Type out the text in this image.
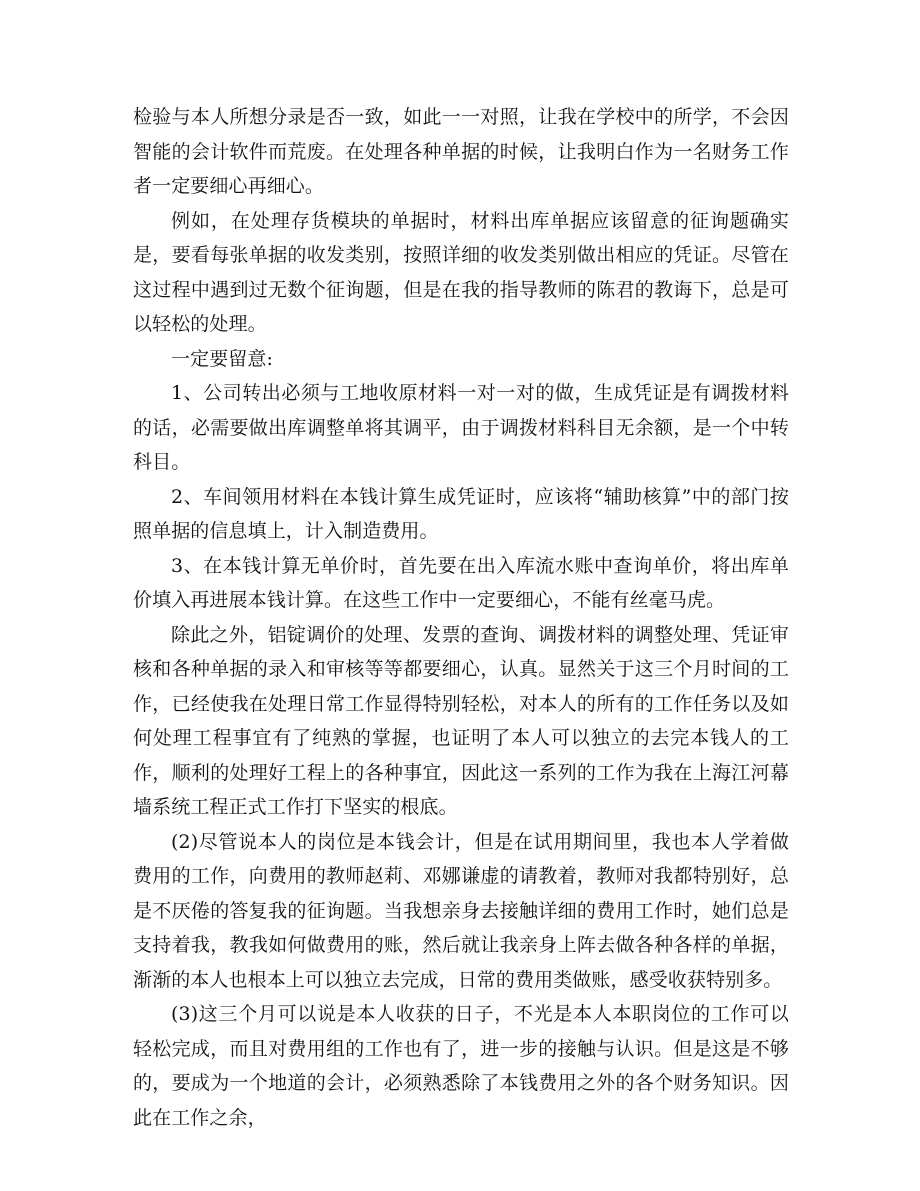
检验与本人所想分录是否一致，如此一一对照，让我在学校中的所学，不会因智能的会计软件而荒废。在处理各种单据的时候，让我明白作为一名财务工作者一定要细心再细心。

例如，在处理存货模块的单据时，材料出库单据应该留意的征询题确实是，要看每张单据的收发类别，按照详细的收发类别做出相应的凭证。尽管在这过程中遇到过无数个征询题，但是在我的指导教师的陈君的教诲下，总是可以轻松的处理。

一定要留意:

1、公司转出必须与工地收原材料一对一对的做，生成凭证是有调拨材料的话，必需要做出库调整单将其调平，由于调拨材料科目无余额，是一个中转科目。

2、车间领用材料在本钱计算生成凭证时，应该将“辅助核算”中的部门按照单据的信息填上，计入制造费用。

3、在本钱计算无单价时，首先要在出入库流水账中查询单价，将出库单价填入再进展本钱计算。在这些工作中一定要细心，不能有丝毫马虎。

除此之外，铝锭调价的处理、发票的查询、调拨材料的调整处理、凭证审核和各种单据的录入和审核等等都要细心，认真。显然关于这三个月时间的工作，已经使我在处理日常工作显得特别轻松，对本人的所有的工作任务以及如何处理工程事宜有了纯熟的掌握，也证明了本人可以独立的去完本钱人的工作，顺利的处理好工程上的各种事宜，因此这一系列的工作为我在上海江河幕墙系统工程正式工作打下坚实的根底。

(2)尽管说本人的岗位是本钱会计，但是在试用期间里，我也本人学着做费用的工作，向费用的教师赵莉、邓娜谦虚的请教着，教师对我都特别好，总是不厌倦的答复我的征询题。当我想亲身去接触详细的费用工作时，她们总是支持着我，教我如何做费用的账，然后就让我亲身上阵去做各种各样的单据，渐渐的本人也根本上可以独立去完成，日常的费用类做账，感受收获特别多。

(3)这三个月可以说是本人收获的日子，不光是本人本职岗位的工作可以轻松完成，而且对费用组的工作也有了，进一步的接触与认识。但是这是不够的，要成为一个地道的会计，必须熟悉除了本钱费用之外的各个财务知识。因此在工作之余，
